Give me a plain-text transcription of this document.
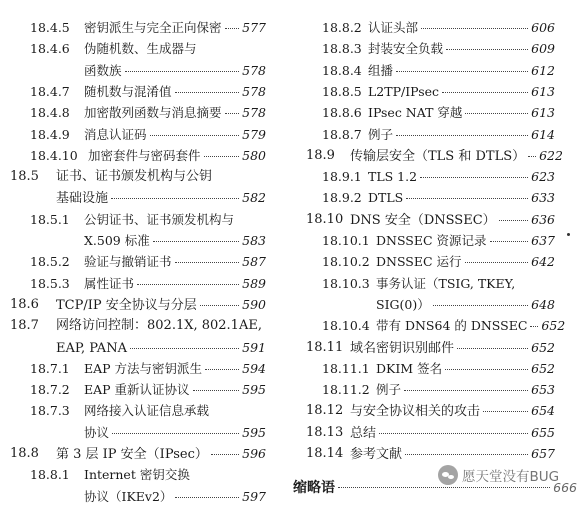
18.4.5 密钥派生与完全正向保密 577
18.4.6 伪随机数、生成器与
函数族	578
18.4.7 随机数与混淆值	578
18.4.8 加密散列函数与消息摘要 578
18.4.9 消息认证码	579
18.4.10 加密套件与密码套件	580
18.5 证书、证书颁发机构与公钥
基础设施	582
18.5.1 公钥证书、证书颁发机构与
X.509 标准	583
18.5.2 验证与撤销证书	587
18.5.3 属性证书	589
18.6 TCP/IP 安全协议与分层	590
18.7 网络访问控制：802.1X, 802.1AE,
EAP, PANA	591
18.7.1 EAP 方法与密钥派生	594
18.7.2 EAP 重新认证协议	595
18.7.3 网络接入认证信息承载
协议	595
18.8 第 3 层 IP 安全（IPsec）	596
18.8.1 Internet 密钥交换
协议（IKEv2）	597
18.8.2 认证头部	606
18.8.3 封装安全负载	609
18.8.4 组播	612
18.8.5 L2TP/IPsec	613
18.8.6 IPsec NAT 穿越	613
18.8.7 例子	614
18.9 传输层安全（TLS 和 DTLS） 622
18.9.1 TLS 1.2	623
18.9.2 DTLS	633
18.10 DNS 安全（DNSSEC）	636
18.10.1 DNSSEC 资源记录	637
18.10.2 DNSSEC 运行	642
18.10.3 事务认证（TSIG, TKEY,
SIG(0)）	648
18.10.4 带有 DNS64 的 DNSSEC 652
18.11 域名密钥识别邮件	652
18.11.1 DKIM 签名	652
18.11.2 例子	653
18.12 与安全协议相关的攻击	654
18.13 总结	655
18.14 参考文献	657
缩略语	666
愿天堂没有BUG
